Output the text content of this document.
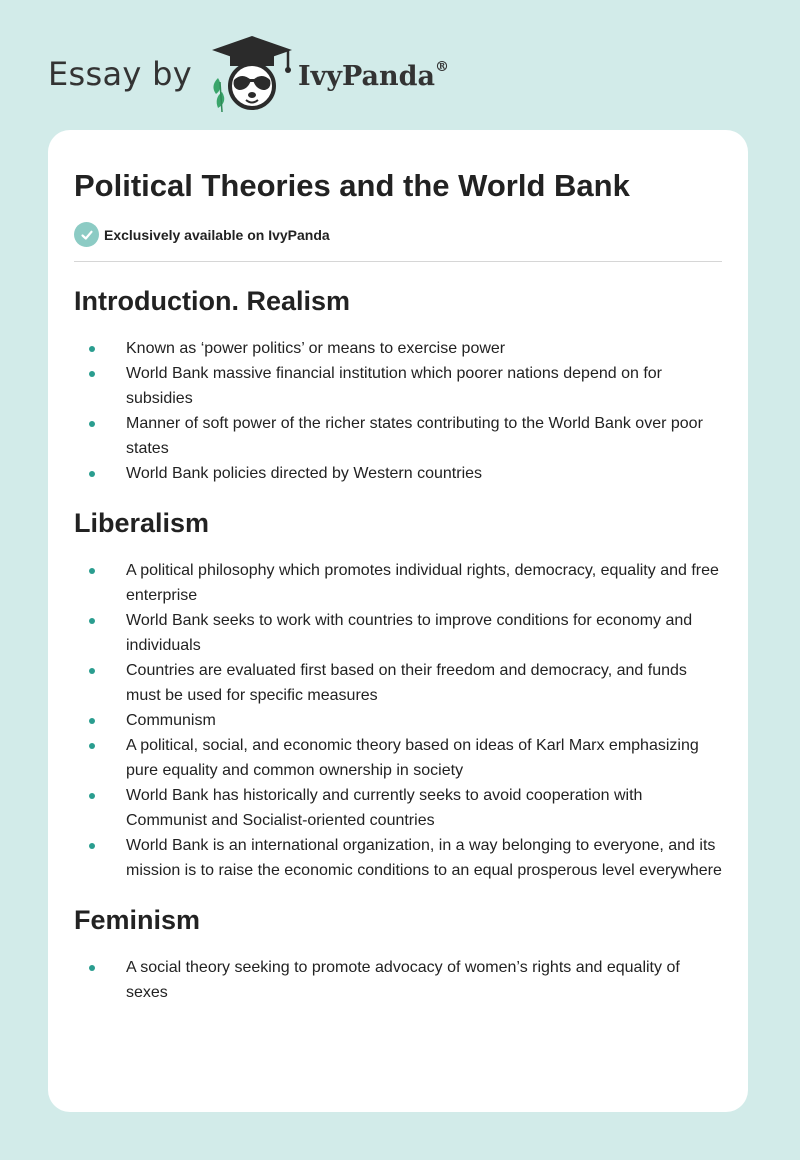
Essay by	IvyPanda®
Political Theories and the World Bank
Exclusively available on IvyPanda
Introduction. Realism
Known as ‘power politics’ or means to exercise power
World Bank massive financial institution which poorer nations depend on for subsidies
Manner of soft power of the richer states contributing to the World Bank over poor states
World Bank policies directed by Western countries
Liberalism
A political philosophy which promotes individual rights, democracy, equality and free enterprise
World Bank seeks to work with countries to improve conditions for economy and individuals
Countries are evaluated first based on their freedom and democracy, and funds must be used for specific measures
Communism
A political, social, and economic theory based on ideas of Karl Marx emphasizing pure equality and common ownership in society
World Bank has historically and currently seeks to avoid cooperation with Communist and Socialist-oriented countries
World Bank is an international organization, in a way belonging to everyone, and its mission is to raise the economic conditions to an equal prosperous level everywhere
Feminism
A social theory seeking to promote advocacy of women’s rights and equality of sexes
